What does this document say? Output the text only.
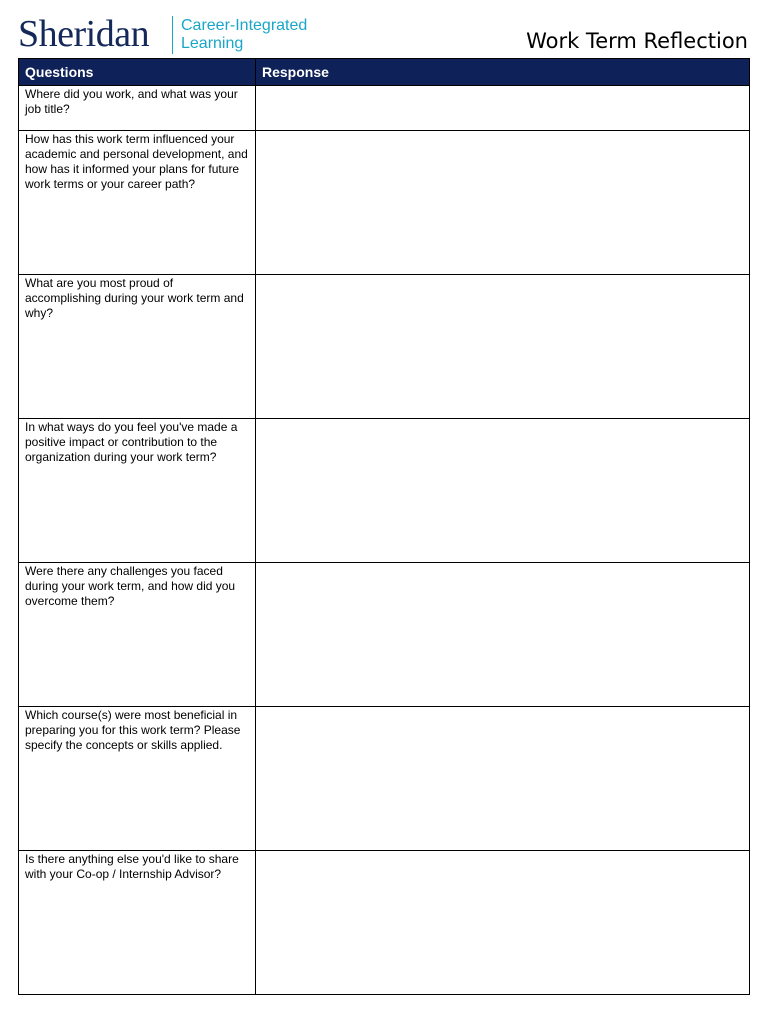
Sheridan Career-Integrated
Learning	Work Term Reflection
Questions	Response
Where did you work, and what was your job title?	
How has this work term influenced your academic and personal development, and how has it informed your plans for future work terms or your career path?	
What are you most proud of accomplishing during your work term and why?	
In what ways do you feel you've made a positive impact or contribution to the organization during your work term?	
Were there any challenges you faced during your work term, and how did you overcome them?	
Which course(s) were most beneficial in preparing you for this work term? Please specify the concepts or skills applied.	
Is there anything else you'd like to share with your Co-op / Internship Advisor?	
